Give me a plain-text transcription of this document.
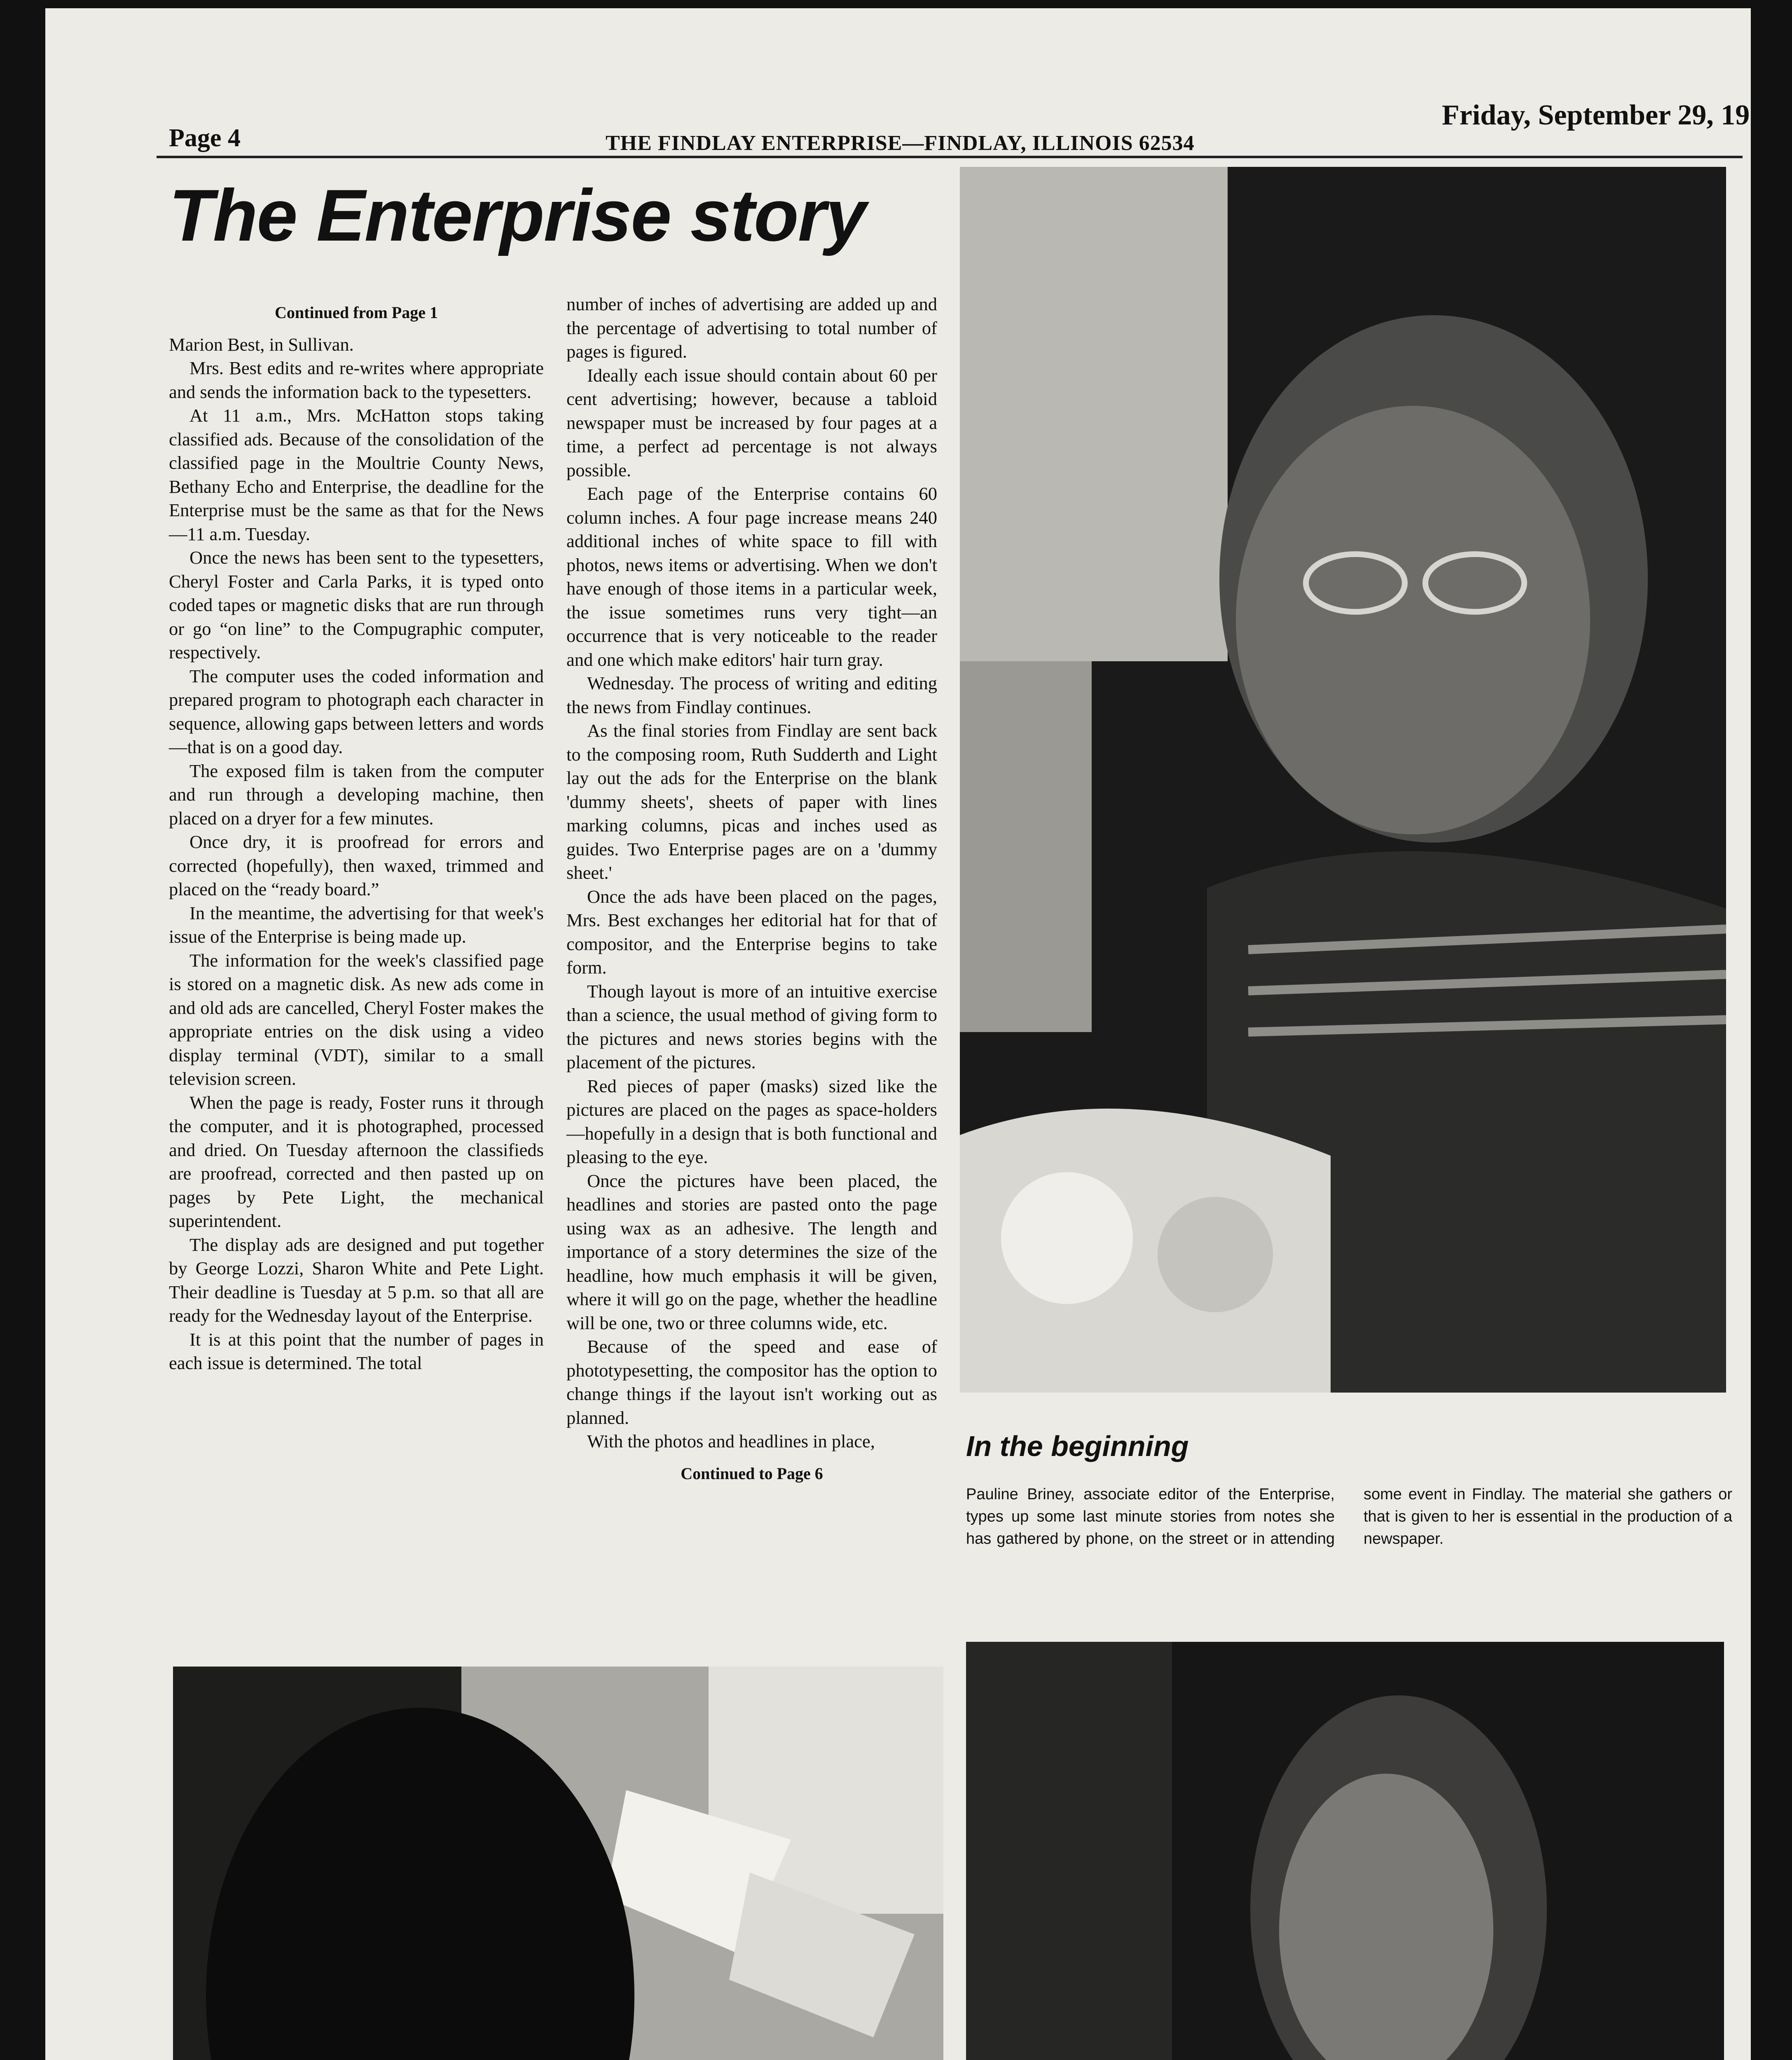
Page 4	THE FINDLAY ENTERPRISE—FINDLAY, ILLINOIS 62534
Friday, September 29, 1978
The Enterprise story

Continued from Page 1

Marion Best, in Sullivan.

Mrs. Best edits and re-writes where appropriate and sends the information back to the typesetters.

At 11 a.m., Mrs. McHatton stops taking classified ads. Because of the consolidation of the classified page in the Moultrie County News, Bethany Echo and Enterprise, the deadline for the Enterprise must be the same as that for the News—11 a.m. Tuesday.

Once the news has been sent to the typesetters, Cheryl Foster and Carla Parks, it is typed onto coded tapes or magnetic disks that are run through or go “on line” to the Compugraphic computer, respectively.

The computer uses the coded information and prepared program to photograph each character in sequence, allowing gaps between letters and words—that is on a good day.

The exposed film is taken from the computer and run through a developing machine, then placed on a dryer for a few minutes.

Once dry, it is proofread for errors and corrected (hopefully), then waxed, trimmed and placed on the “ready board.”

In the meantime, the advertising for that week's issue of the Enterprise is being made up.

The information for the week's classified page is stored on a magnetic disk. As new ads come in and old ads are cancelled, Cheryl Foster makes the appropriate entries on the disk using a video display terminal (VDT), similar to a small television screen.

When the page is ready, Foster runs it through the computer, and it is photographed, processed and dried. On Tuesday afternoon the classifieds are proofread, corrected and then pasted up on pages by Pete Light, the mechanical superintendent.

The display ads are designed and put together by George Lozzi, Sharon White and Pete Light. Their deadline is Tuesday at 5 p.m. so that all are ready for the Wednesday layout of the Enterprise.

It is at this point that the number of pages in each issue is determined. The total

number of inches of advertising are added up and the percentage of advertising to total number of pages is figured.

Ideally each issue should contain about 60 per cent advertising; however, because a tabloid newspaper must be increased by four pages at a time, a perfect ad percentage is not always possible.

Each page of the Enterprise contains 60 column inches. A four page increase means 240 additional inches of white space to fill with photos, news items or advertising. When we don't have enough of those items in a particular week, the issue sometimes runs very tight—an occurrence that is very noticeable to the reader and one which make editors' hair turn gray.

Wednesday. The process of writing and editing the news from Findlay continues.

As the final stories from Findlay are sent back to the composing room, Ruth Sudderth and Light lay out the ads for the Enterprise on the blank 'dummy sheets', sheets of paper with lines marking columns, picas and inches used as guides. Two Enterprise pages are on a 'dummy sheet.'

Once the ads have been placed on the pages, Mrs. Best exchanges her editorial hat for that of compositor, and the Enterprise begins to take form.

Though layout is more of an intuitive exercise than a science, the usual method of giving form to the pictures and news stories begins with the placement of the pictures.

Red pieces of paper (masks) sized like the pictures are placed on the pages as space-holders—hopefully in a design that is both functional and pleasing to the eye.

Once the pictures have been placed, the headlines and stories are pasted onto the page using wax as an adhesive. The length and importance of a story determines the size of the headline, how much emphasis it will be given, where it will go on the page, whether the headline will be one, two or three columns wide, etc.

Because of the speed and ease of phototypesetting, the compositor has the option to change things if the layout isn't working out as planned.

With the photos and headlines in place,

Continued to Page 6

In the beginning
Pauline Briney, associate editor of the Enterprise, types up some last minute stories from notes she has gathered by phone, on the street or in attending some event in Findlay. The material she gathers or that is given to her is essential in the production of a newspaper.
